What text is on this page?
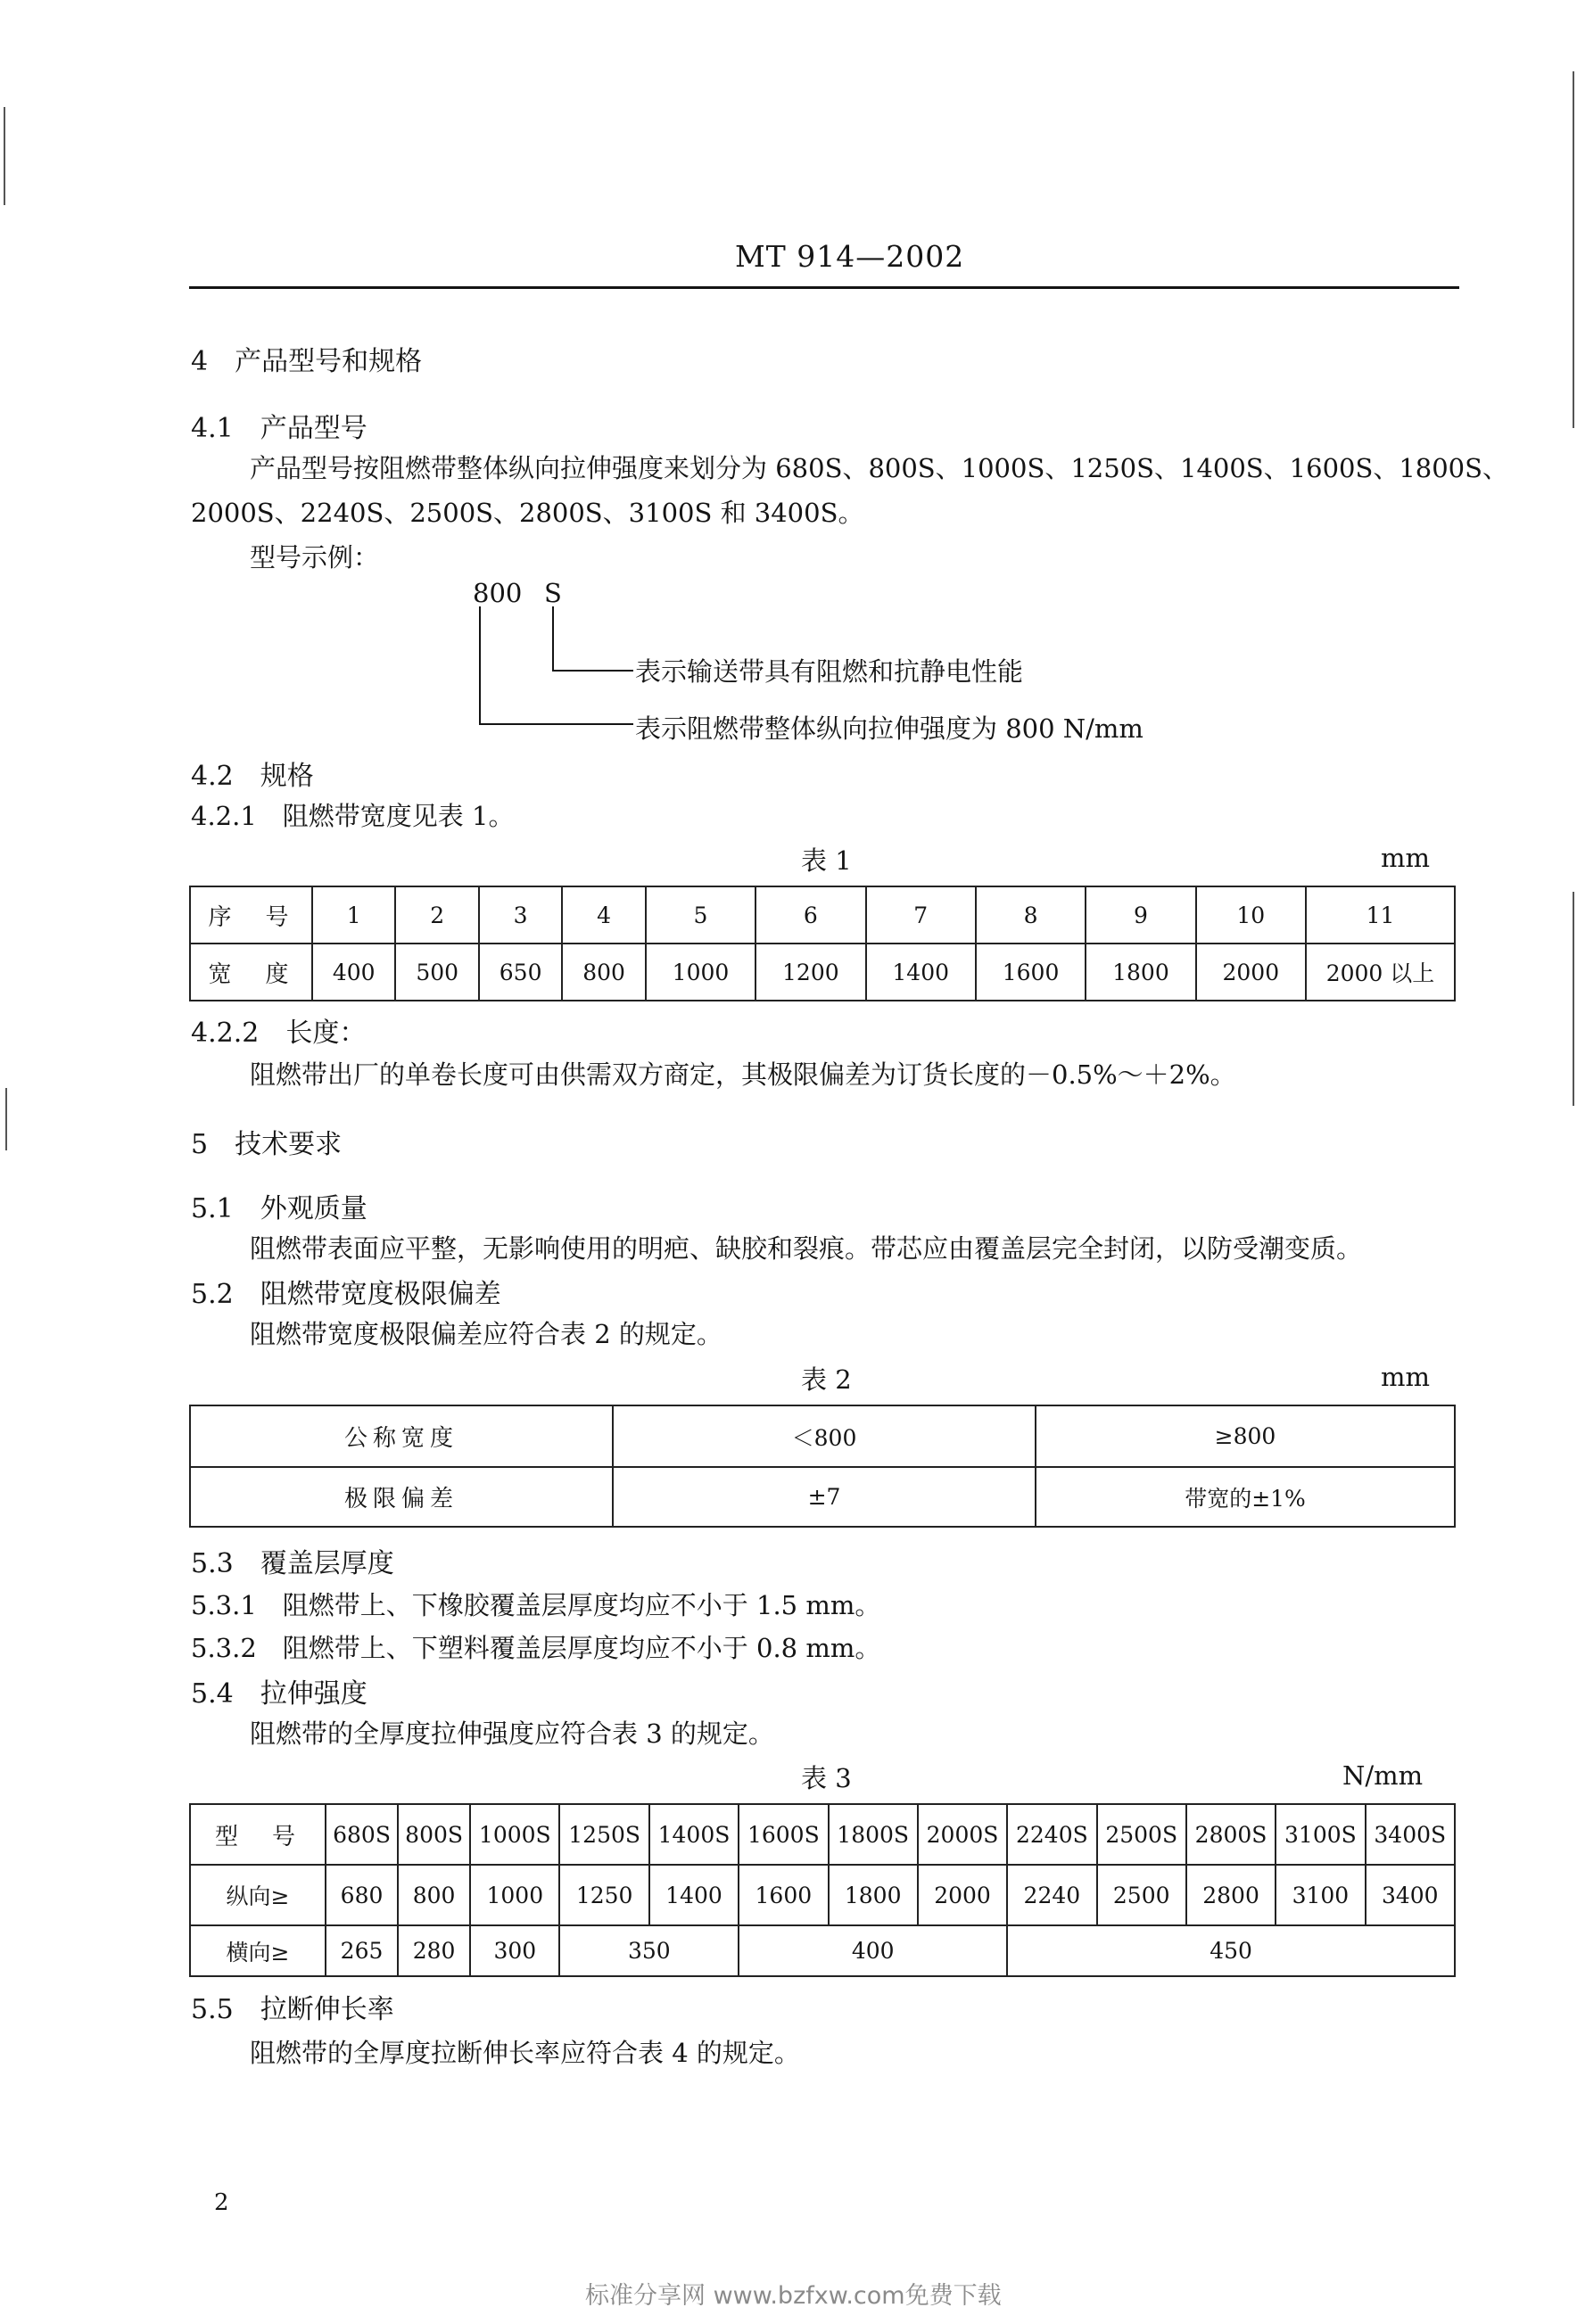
MT 914—2002
4　产品型号和规格
4.1　产品型号
产品型号按阻燃带整体纵向拉伸强度来划分为 680S、800S、1000S、1250S、1400S、1600S、1800S、
2000S、2240S、2500S、2800S、3100S 和 3400S。
型号示例：
800 S
表示输送带具有阻燃和抗静电性能
表示阻燃带整体纵向拉伸强度为 800 N/mm
4.2　规格
4.2.1　阻燃带宽度见表 1。
表 1	mm
序　号	1	2	3	4	5	6	7	8	9	10	11
宽　度	400	500	650	800	1000	1200	1400	1600	1800	2000	2000 以上
4.2.2　长度：
阻燃带出厂的单卷长度可由供需双方商定，其极限偏差为订货长度的－0.5%～＋2%。
5　技术要求
5.1　外观质量
阻燃带表面应平整，无影响使用的明疤、缺胶和裂痕。带芯应由覆盖层完全封闭，以防受潮变质。
5.2　阻燃带宽度极限偏差
阻燃带宽度极限偏差应符合表 2 的规定。
表 2	mm
公称宽度	＜800	≥800
极限偏差	±7	带宽的±1%
5.3　覆盖层厚度
5.3.1　阻燃带上、下橡胶覆盖层厚度均应不小于 1.5 mm。
5.3.2　阻燃带上、下塑料覆盖层厚度均应不小于 0.8 mm。
5.4　拉伸强度
阻燃带的全厚度拉伸强度应符合表 3 的规定。
表 3	N/mm
型　号	680S	800S	1000S	1250S	1400S	1600S	1800S	2000S	2240S	2500S	2800S	3100S	3400S
纵向≥	680	800	1000	1250	1400	1600	1800	2000	2240	2500	2800	3100	3400
横向≥	265	280	300	350		400			450				
5.5　拉断伸长率
阻燃带的全厚度拉断伸长率应符合表 4 的规定。
2
标准分享网 www.bzfxw.com免费下载
